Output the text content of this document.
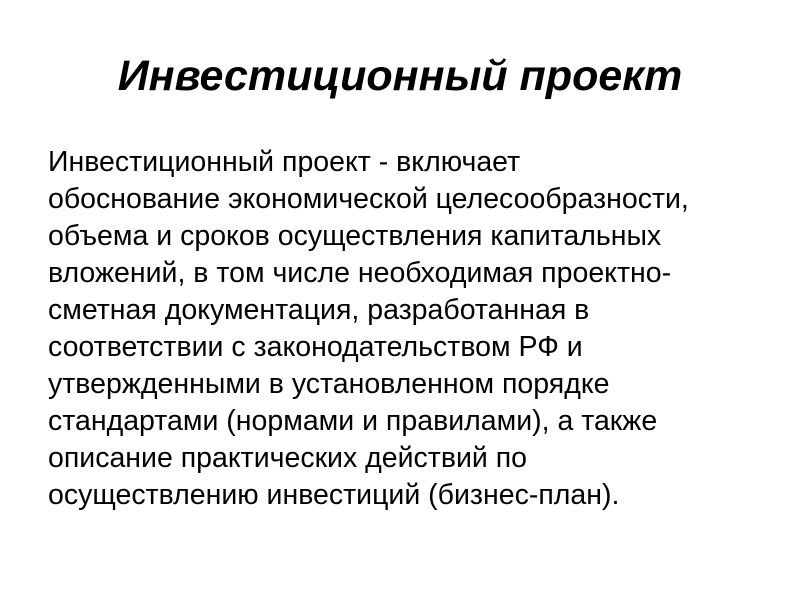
Инвестиционный проект
Инвестиционный проект - включает
обоснование экономической целесообразности,
объема и сроков осуществления капитальных
вложений, в том числе необходимая проектно-
сметная документация, разработанная в
соответствии с законодательством РФ и
утвержденными в установленном порядке
стандартами (нормами и правилами), а также
описание практических действий по
осуществлению инвестиций (бизнес-план).
